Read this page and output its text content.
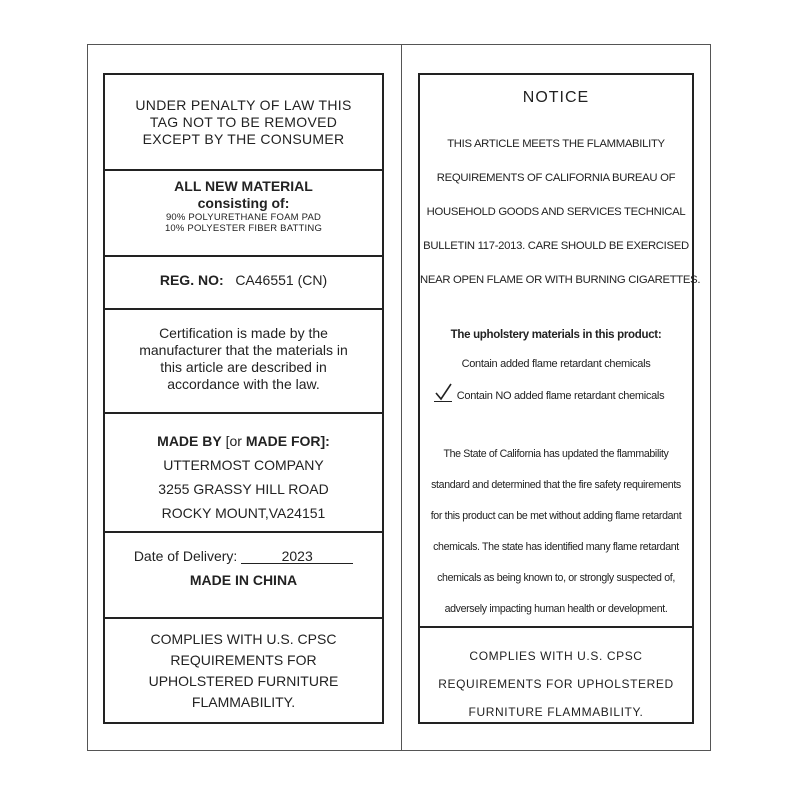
UNDER PENALTY OF LAW THIS
TAG NOT TO BE REMOVED
EXCEPT BY THE CONSUMER
ALL NEW MATERIAL
consisting of:
90% POLYURETHANE FOAM PAD
10% POLYESTER FIBER BATTING
REG. NO: CA46551 (CN)
Certification is made by the
manufacturer that the materials in
this article are described in
accordance with the law.
MADE BY [or MADE FOR]:
UTTERMOST COMPANY
3255 GRASSY HILL ROAD
ROCKY MOUNT,VA24151
Date of Delivery:	2023
MADE IN CHINA
COMPLIES WITH U.S. CPSC
REQUIREMENTS FOR
UPHOLSTERED FURNITURE
FLAMMABILITY.
NOTICE
THIS ARTICLE MEETS THE FLAMMABILITY
REQUIREMENTS OF CALIFORNIA BUREAU OF
HOUSEHOLD GOODS AND SERVICES TECHNICAL
BULLETIN 117-2013. CARE SHOULD BE EXERCISED
NEAR OPEN FLAME OR WITH BURNING CIGARETTES.
The upholstery materials in this product:
Contain added flame retardant chemicals
Contain NO added flame retardant chemicals
The State of California has updated the flammability
standard and determined that the fire safety requirements
for this product can be met without adding flame retardant
chemicals. The state has identified many flame retardant
chemicals as being known to, or strongly suspected of,
adversely impacting human health or development.
COMPLIES WITH U.S. CPSC
REQUIREMENTS FOR UPHOLSTERED
FURNITURE FLAMMABILITY.
